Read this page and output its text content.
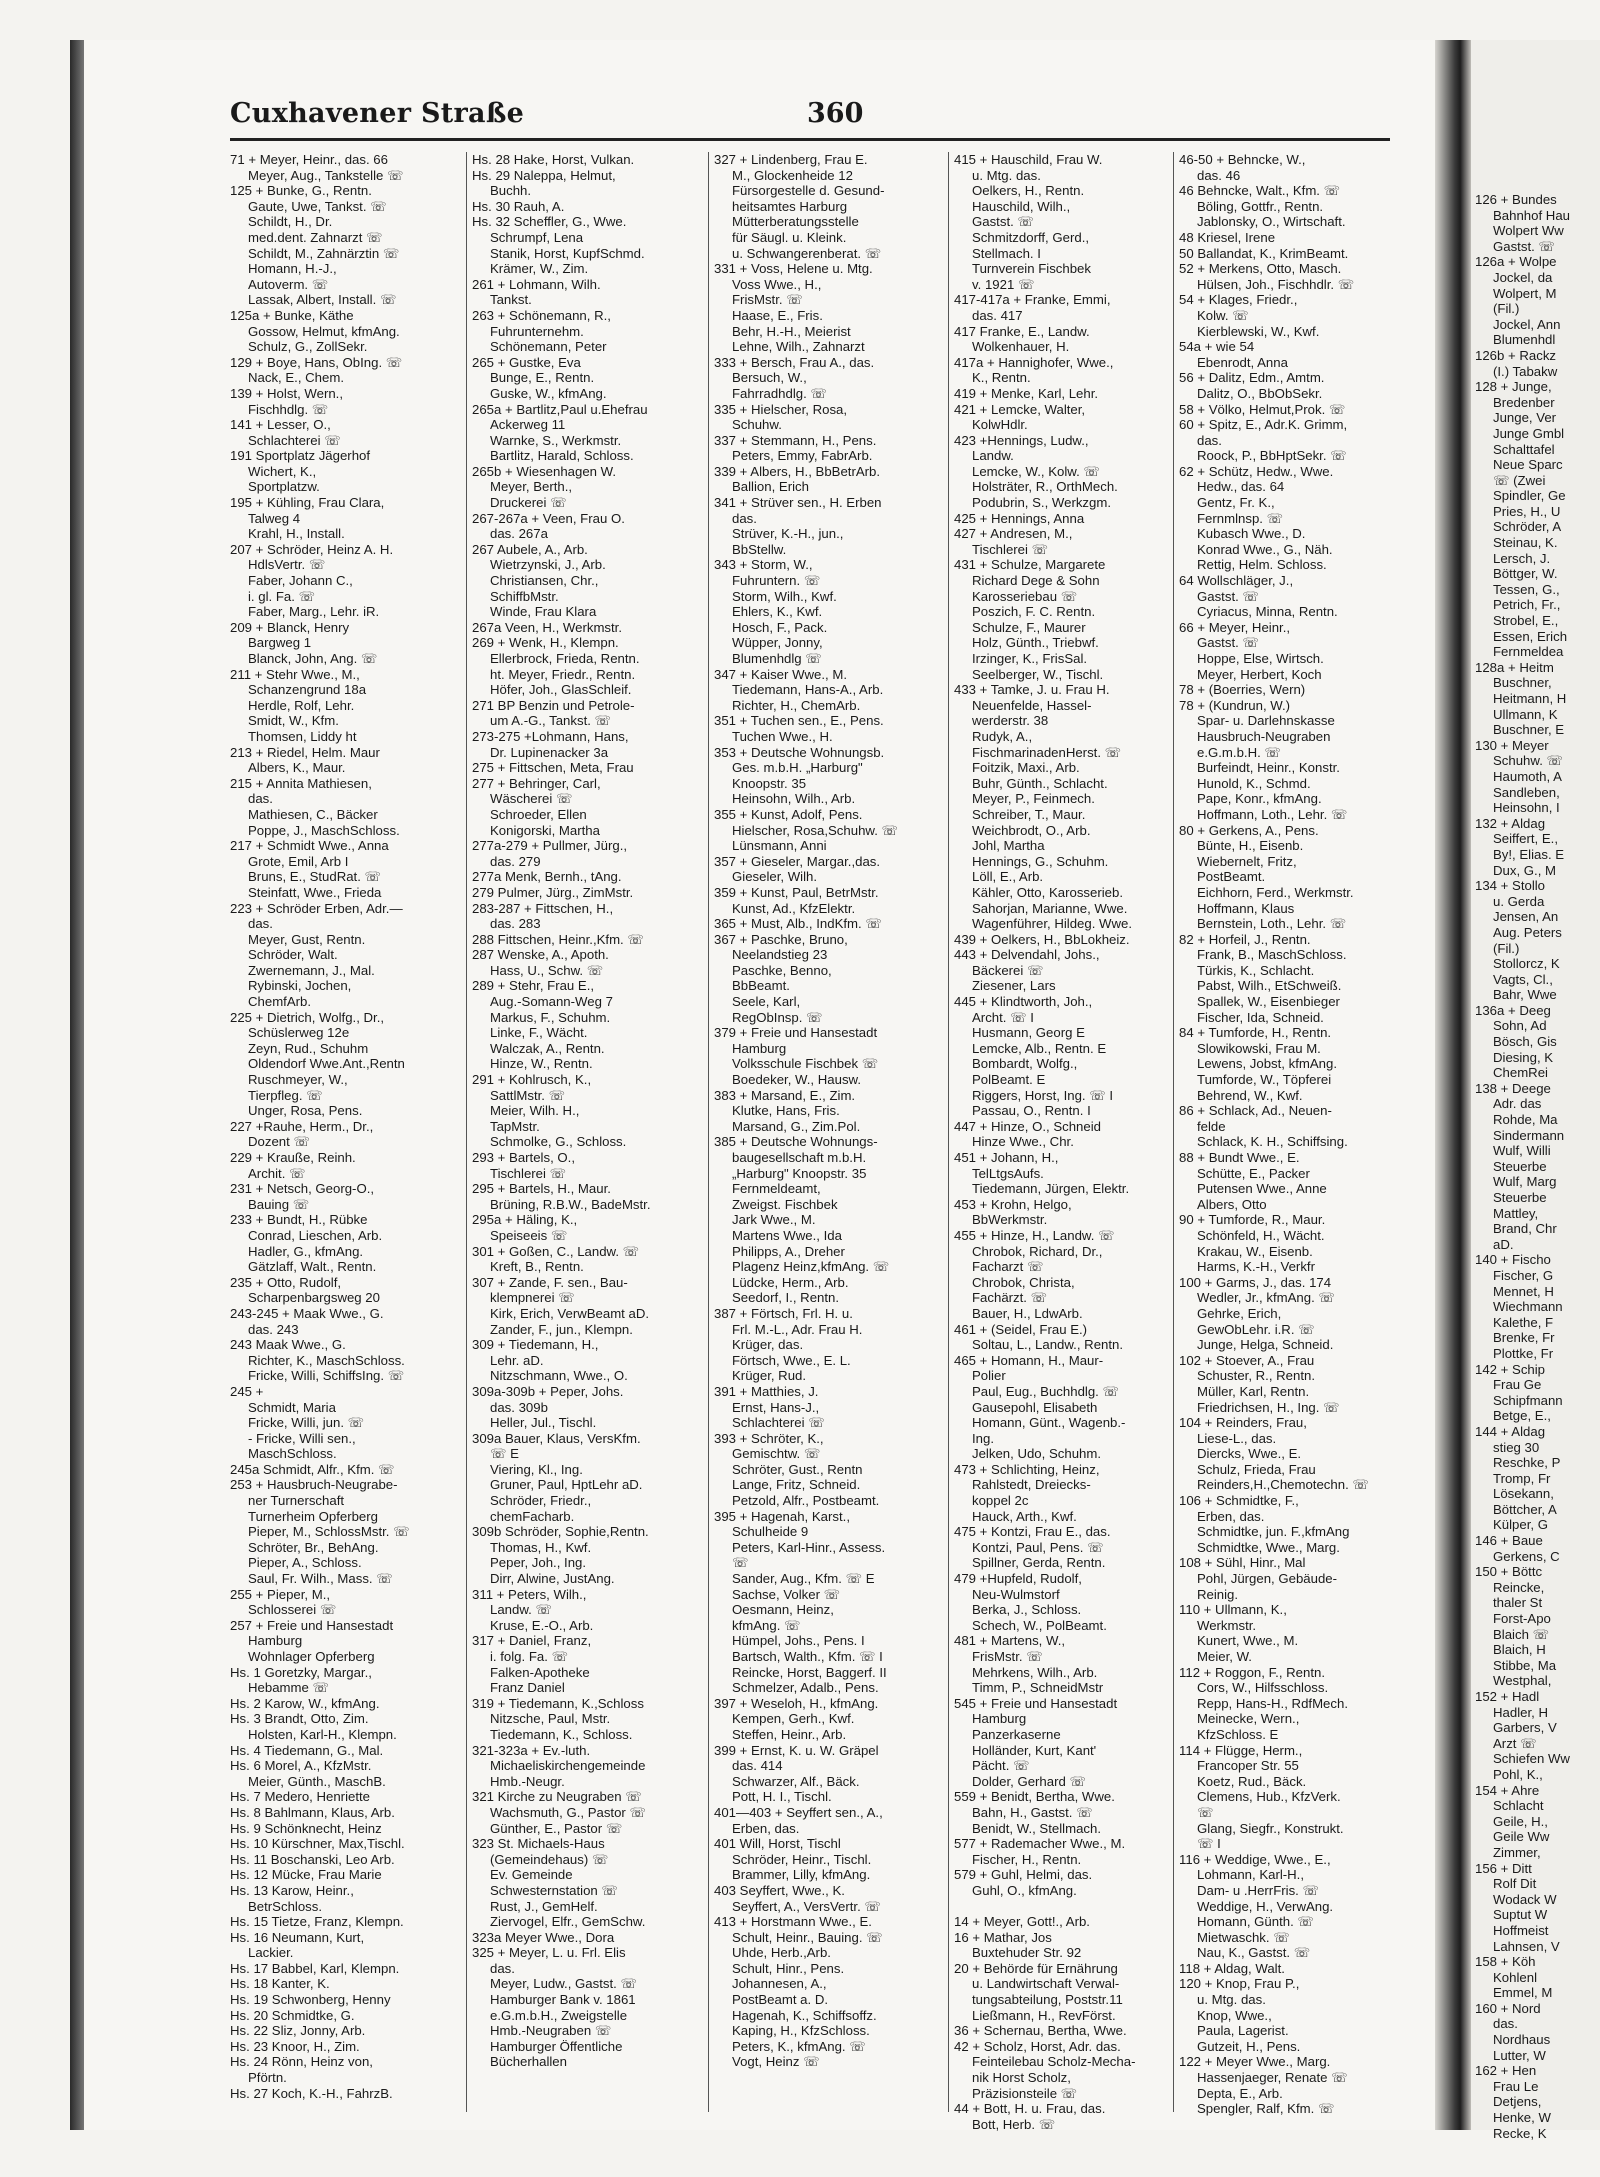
126 + Bundes
Bahnhof Hau
Wolpert Ww
Gastst. ☏
126a + Wolpe
Jockel, da
Wolpert, M
(Fil.)
Jockel, Ann
Blumenhdl
126b + Rackz
(I.) Tabakw
128 + Junge,
Bredenber
Junge, Ver
Junge Gmbl
Schalttafel
Neue Sparc
☏ (Zwei
Spindler, Ge
Pries, H., U
Schröder, A
Steinau, K.
Lersch, J.
Böttger, W.
Tessen, G.,
Petrich, Fr.,
Strobel, E.,
Essen, Erich
Fernmeldea
128a + Heitm
Buschner,
Heitmann, H
Ullmann, K
Buschner, E
130 + Meyer
Schuhw. ☏
Haumoth, A
Sandleben,
Heinsohn, I
132 + Aldag
Seiffert, E.,
By!, Elias. E
Dux, G., M
134 + Stollo
u. Gerda
Jensen, An
Aug. Peters
(Fil.)
Stollorcz, K
Vagts, Cl.,
Bahr, Wwe
136a + Deeg
Sohn, Ad
Bösch, Gis
Diesing, K
ChemRei
138 + Deege
Adr. das
Rohde, Ma
Sindermann
Wulf, Willi
Steuerbe
Wulf, Marg
Steuerbe
Mattley,
Brand, Chr
aD.
140 + Fischo
Fischer, G
Mennet, H
Wiechmann
Kalethe, F
Brenke, Fr
Plottke, Fr
142 + Schip
Frau Ge
Schipfmann
Betge, E.,
144 + Aldag
stieg 30
Reschke, P
Tromp, Fr
Lösekann,
Böttcher, A
Külper, G
146 + Baue
Gerkens, C
150 + Böttc
Reincke,
thaler St
Forst-Apo
Blaich ☏
Blaich, H
Stibbe, Ma
Westphal,
152 + Hadl
Hadler, H
Garbers, V
Arzt ☏
Schiefen Ww
Pohl, K.,
154 + Ahre
Schlacht
Geile, H.,
Geile Ww
Zimmer,
156 + Ditt
Rolf Dit
Wodack W
Suptut W
Hoffmeist
Lahnsen, V
158 + Köh
Kohlenl
Emmel, M
160 + Nord
das.
Nordhaus
Lutter, W
162 + Hen
Frau Le
Detjens,
Henke, W
Recke, K
Cuxhavener Straße	360
71 + Meyer, Heinr., das. 66
Meyer, Aug., Tankstelle ☏
125 + Bunke, G., Rentn.
Gaute, Uwe, Tankst. ☏
Schildt, H., Dr.
med.dent. Zahnarzt ☏
Schildt, M., Zahnärztin ☏
Homann, H.-J.,
Autoverm. ☏
Lassak, Albert, Install. ☏
125a + Bunke, Käthe
Gossow, Helmut, kfmAng.
Schulz, G., ZollSekr.
129 + Boye, Hans, ObIng. ☏
Nack, E., Chem.
139 + Holst, Wern.,
Fischhdlg. ☏
141 + Lesser, O.,
Schlachterei ☏
191 Sportplatz Jägerhof
Wichert, K.,
Sportplatzw.
195 + Kühling, Frau Clara,
Talweg 4
Krahl, H., Install.
207 + Schröder, Heinz A. H.
HdlsVertr. ☏
Faber, Johann C.,
i. gl. Fa. ☏
Faber, Marg., Lehr. iR.
209 + Blanck, Henry
Bargweg 1
Blanck, John, Ang. ☏
211 + Stehr Wwe., M.,
Schanzengrund 18a
Herdle, Rolf, Lehr.
Smidt, W., Kfm.
Thomsen, Liddy ht
213 + Riedel, Helm. Maur
Albers, K., Maur.
215 + Annita Mathiesen,
das.
Mathiesen, C., Bäcker
Poppe, J., MaschSchloss.
217 + Schmidt Wwe., Anna
Grote, Emil, Arb I
Bruns, E., StudRat. ☏
Steinfatt, Wwe., Frieda
223 + Schröder Erben, Adr.—
das.
Meyer, Gust, Rentn.
Schröder, Walt.
Zwernemann, J., Mal.
Rybinski, Jochen,
ChemfArb.
225 + Dietrich, Wolfg., Dr.,
Schüslerweg 12e
Zeyn, Rud., Schuhm
Oldendorf Wwe.Ant.,Rentn
Ruschmeyer, W.,
Tierpfleg. ☏
Unger, Rosa, Pens.
227 +Rauhe, Herm., Dr.,
Dozent ☏
229 + Krauße, Reinh.
Archit. ☏
231 + Netsch, Georg-O.,
Bauing ☏
233 + Bundt, H., Rübke
Conrad, Lieschen, Arb.
Hadler, G., kfmAng.
Gätzlaff, Walt., Rentn.
235 + Otto, Rudolf,
Scharpenbargsweg 20
243-245 + Maak Wwe., G.
das. 243
243 Maak Wwe., G.
Richter, K., MaschSchloss.
Fricke, Willi, SchiffsIng. ☏
245 +
Schmidt, Maria
Fricke, Willi, jun. ☏
- Fricke, Willi sen.,
MaschSchloss.
245a Schmidt, Alfr., Kfm. ☏
253 + Hausbruch-Neugrabe-
ner Turnerschaft
Turnerheim Opferberg
Pieper, M., SchlossMstr. ☏
Schröter, Br., BehAng.
Pieper, A., Schloss.
Saul, Fr. Wilh., Mass. ☏
255 + Pieper, M.,
Schlosserei ☏
257 + Freie und Hansestadt
Hamburg
Wohnlager Opferberg
Hs. 1 Goretzky, Margar.,
Hebamme ☏
Hs. 2 Karow, W., kfmAng.
Hs. 3 Brandt, Otto, Zim.
Holsten, Karl-H., Klempn.
Hs. 4 Tiedemann, G., Mal.
Hs. 6 Morel, A., KfzMstr.
Meier, Günth., MaschB.
Hs. 7 Medero, Henriette
Hs. 8 Bahlmann, Klaus, Arb.
Hs. 9 Schönknecht, Heinz
Hs. 10 Kürschner, Max,Tischl.
Hs. 11 Boschanski, Leo Arb.
Hs. 12 Mücke, Frau Marie
Hs. 13 Karow, Heinr.,
BetrSchloss.
Hs. 15 Tietze, Franz, Klempn.
Hs. 16 Neumann, Kurt,
Lackier.
Hs. 17 Babbel, Karl, Klempn.
Hs. 18 Kanter, K.
Hs. 19 Schwonberg, Henny
Hs. 20 Schmidtke, G.
Hs. 22 Sliz, Jonny, Arb.
Hs. 23 Knoor, H., Zim.
Hs. 24 Rönn, Heinz von,
Pförtn.
Hs. 27 Koch, K.-H., FahrzB.
Hs. 28 Hake, Horst, Vulkan.
Hs. 29 Naleppa, Helmut,
Buchh.
Hs. 30 Rauh, A.
Hs. 32 Scheffler, G., Wwe.
Schrumpf, Lena
Stanik, Horst, KupfSchmd.
Krämer, W., Zim.
261 + Lohmann, Wilh.
Tankst.
263 + Schönemann, R.,
Fuhrunternehm.
Schönemann, Peter
265 + Gustke, Eva
Bunge, E., Rentn.
Guske, W., kfmAng.
265a + Bartlitz,Paul u.Ehefrau
Ackerweg 11
Warnke, S., Werkmstr.
Bartlitz, Harald, Schloss.
265b + Wiesenhagen W.
Meyer, Berth.,
Druckerei ☏
267-267a + Veen, Frau O.
das. 267a
267 Aubele, A., Arb.
Wietrzynski, J., Arb.
Christiansen, Chr.,
SchiffbMstr.
Winde, Frau Klara
267a Veen, H., Werkmstr.
269 + Wenk, H., Klempn.
Ellerbrock, Frieda, Rentn.
ht. Meyer, Friedr., Rentn.
Höfer, Joh., GlasSchleif.
271 BP Benzin und Petrole-
um A.-G., Tankst. ☏
273-275 +Lohmann, Hans,
Dr. Lupinenacker 3a
275 + Fittschen, Meta, Frau
277 + Behringer, Carl,
Wäscherei ☏
Schroeder, Ellen
Konigorski, Martha
277a-279 + Pullmer, Jürg.,
das. 279
277a Menk, Bernh., tAng.
279 Pulmer, Jürg., ZimMstr.
283-287 + Fittschen, H.,
das. 283
288 Fittschen, Heinr.,Kfm. ☏
287 Wenske, A., Apoth.
Hass, U., Schw. ☏
289 + Stehr, Frau E.,
Aug.-Somann-Weg 7
Markus, F., Schuhm.
Linke, F., Wächt.
Walczak, A., Rentn.
Hinze, W., Rentn.
291 + Kohlrusch, K.,
SattlMstr. ☏
Meier, Wilh. H.,
TapMstr.
Schmolke, G., Schloss.
293 + Bartels, O.,
Tischlerei ☏
295 + Bartels, H., Maur.
Brüning, R.B.W., BadeMstr.
295a + Häling, K.,
Speiseeis ☏
301 + Goßen, C., Landw. ☏
Kreft, B., Rentn.
307 + Zande, F. sen., Bau-
klempnerei ☏
Kirk, Erich, VerwBeamt aD.
Zander, F., jun., Klempn.
309 + Tiedemann, H.,
Lehr. aD.
Nitzschmann, Wwe., O.
309a-309b + Peper, Johs.
das. 309b
Heller, Jul., Tischl.
309a Bauer, Klaus, VersKfm.
☏ E
Viering, Kl., Ing.
Gruner, Paul, HptLehr aD.
Schröder, Friedr.,
chemFacharb.
309b Schröder, Sophie,Rentn.
Thomas, H., Kwf.
Peper, Joh., Ing.
Dirr, Alwine, JustAng.
311 + Peters, Wilh.,
Landw. ☏
Kruse, E.-O., Arb.
317 + Daniel, Franz,
i. folg. Fa. ☏
Falken-Apotheke
Franz Daniel
319 + Tiedemann, K.,Schloss
Nitzsche, Paul, Mstr.
Tiedemann, K., Schloss.
321-323a + Ev.-luth.
Michaeliskirchengemeinde
Hmb.-Neugr.
321 Kirche zu Neugraben ☏
Wachsmuth, G., Pastor ☏
Günther, E., Pastor ☏
323 St. Michaels-Haus
(Gemeindehaus) ☏
Ev. Gemeinde
Schwesternstation ☏
Rust, J., GemHelf.
Ziervogel, Elfr., GemSchw.
323a Meyer Wwe., Dora
325 + Meyer, L. u. Frl. Elis
das.
Meyer, Ludw., Gastst. ☏
Hamburger Bank v. 1861
e.G.m.b.H., Zweigstelle
Hmb.-Neugraben ☏
Hamburger Öffentliche
Bücherhallen
327 + Lindenberg, Frau E.
M., Glockenheide 12
Fürsorgestelle d. Gesund-
heitsamtes Harburg
Mütterberatungsstelle
für Säugl. u. Kleink.
u. Schwangerenberat. ☏
331 + Voss, Helene u. Mtg.
Voss Wwe., H.,
FrisMstr. ☏
Haase, E., Fris.
Behr, H.-H., Meierist
Lehne, Wilh., Zahnarzt
333 + Bersch, Frau A., das.
Bersuch, W.,
Fahrradhdlg. ☏
335 + Hielscher, Rosa,
Schuhw.
337 + Stemmann, H., Pens.
Peters, Emmy, FabrArb.
339 + Albers, H., BbBetrArb.
Ballion, Erich
341 + Strüver sen., H. Erben
das.
Strüver, K.-H., jun.,
BbStellw.
343 + Storm, W.,
Fuhruntern. ☏
Storm, Wilh., Kwf.
Ehlers, K., Kwf.
Hosch, F., Pack.
Wüpper, Jonny,
Blumenhdlg ☏
347 + Kaiser Wwe., M.
Tiedemann, Hans-A., Arb.
Richter, H., ChemArb.
351 + Tuchen sen., E., Pens.
Tuchen Wwe., H.
353 + Deutsche Wohnungsb.
Ges. m.b.H. „Harburg"
Knoopstr. 35
Heinsohn, Wilh., Arb.
355 + Kunst, Adolf, Pens.
Hielscher, Rosa,Schuhw. ☏
Lünsmann, Anni
357 + Gieseler, Margar.,das.
Gieseler, Wilh.
359 + Kunst, Paul, BetrMstr.
Kunst, Ad., KfzElektr.
365 + Must, Alb., IndKfm. ☏
367 + Paschke, Bruno,
Neelandstieg 23
Paschke, Benno,
BbBeamt.
Seele, Karl,
RegObInsp. ☏
379 + Freie und Hansestadt
Hamburg
Volksschule Fischbek ☏
Boedeker, W., Hausw.
383 + Marsand, E., Zim.
Klutke, Hans, Fris.
Marsand, G., Zim.Pol.
385 + Deutsche Wohnungs-
baugesellschaft m.b.H.
„Harburg" Knoopstr. 35
Fernmeldeamt,
Zweigst. Fischbek
Jark Wwe., M.
Martens Wwe., Ida
Philipps, A., Dreher
Plagenz Heinz,kfmAng. ☏
Lüdcke, Herm., Arb.
Seedorf, I., Rentn.
387 + Förtsch, Frl. H. u.
Frl. M.-L., Adr. Frau H.
Krüger, das.
Förtsch, Wwe., E. L.
Krüger, Rud.
391 + Matthies, J.
Ernst, Hans-J.,
Schlachterei ☏
393 + Schröter, K.,
Gemischtw. ☏
Schröter, Gust., Rentn
Lange, Fritz, Schneid.
Petzold, Alfr., Postbeamt.
395 + Hagenah, Karst.,
Schulheide 9
Peters, Karl-Hinr., Assess.
☏
Sander, Aug., Kfm. ☏ E
Sachse, Volker ☏
Oesmann, Heinz,
kfmAng. ☏
Hümpel, Johs., Pens. I
Bartsch, Walth., Kfm. ☏ I
Reincke, Horst, Baggerf. II
Schmelzer, Adalb., Pens.
397 + Weseloh, H., kfmAng.
Kempen, Gerh., Kwf.
Steffen, Heinr., Arb.
399 + Ernst, K. u. W. Gräpel
das. 414
Schwarzer, Alf., Bäck.
Pott, H. I., Tischl.
401—403 + Seyffert sen., A.,
Erben, das.
401 Will, Horst, Tischl
Schröder, Heinr., Tischl.
Brammer, Lilly, kfmAng.
403 Seyffert, Wwe., K.
Seyffert, A., VersVertr. ☏
413 + Horstmann Wwe., E.
Schult, Heinr., Bauing. ☏
Uhde, Herb.,Arb.
Schult, Hinr., Pens.
Johannesen, A.,
PostBeamt a. D.
Hagenah, K., Schiffsoffz.
Kaping, H., KfzSchloss.
Peters, K., kfmAng. ☏
Vogt, Heinz ☏
415 + Hauschild, Frau W.
u. Mtg. das.
Oelkers, H., Rentn.
Hauschild, Wilh.,
Gastst. ☏
Schmitzdorff, Gerd.,
Stellmach. I
Turnverein Fischbek
v. 1921 ☏
417-417a + Franke, Emmi,
das. 417
417 Franke, E., Landw.
Wolkenhauer, H.
417a + Hannighofer, Wwe.,
K., Rentn.
419 + Menke, Karl, Lehr.
421 + Lemcke, Walter,
KolwHdlr.
423 +Hennings, Ludw.,
Landw.
Lemcke, W., Kolw. ☏
Holsträter, R., OrthMech.
Podubrin, S., Werkzgm.
425 + Hennings, Anna
427 + Andresen, M.,
Tischlerei ☏
431 + Schulze, Margarete
Richard Dege & Sohn
Karosseriebau ☏
Poszich, F. C. Rentn.
Schulze, F., Maurer
Holz, Günth., Triebwf.
Irzinger, K., FrisSal.
Seelberger, W., Tischl.
433 + Tamke, J. u. Frau H.
Neuenfelde, Hassel-
werderstr. 38
Rudyk, A.,
FischmarinadenHerst. ☏
Foitzik, Maxi., Arb.
Buhr, Günth., Schlacht.
Meyer, P., Feinmech.
Schreiber, T., Maur.
Weichbrodt, O., Arb.
Johl, Martha
Hennings, G., Schuhm.
Löll, E., Arb.
Kähler, Otto, Karosserieb.
Sahorjan, Marianne, Wwe.
Wagenführer, Hildeg. Wwe.
439 + Oelkers, H., BbLokheiz.
443 + Delvendahl, Johs.,
Bäckerei ☏
Ziesener, Lars
445 + Klindtworth, Joh.,
Archt. ☏ I
Husmann, Georg E
Lemcke, Alb., Rentn. E
Bombardt, Wolfg.,
PolBeamt. E
Riggers, Horst, Ing. ☏ I
Passau, O., Rentn. I
447 + Hinze, O., Schneid
Hinze Wwe., Chr.
451 + Johann, H.,
TelLtgsAufs.
Tiedemann, Jürgen, Elektr.
453 + Krohn, Helgo,
BbWerkmstr.
455 + Hinze, H., Landw. ☏
Chrobok, Richard, Dr.,
Facharzt ☏
Chrobok, Christa,
Fachärzt. ☏
Bauer, H., LdwArb.
461 + (Seidel, Frau E.)
Soltau, L., Landw., Rentn.
465 + Homann, H., Maur-
Polier
Paul, Eug., Buchhdlg. ☏
Gausepohl, Elisabeth
Homann, Günt., Wagenb.-
Ing.
Jelken, Udo, Schuhm.
473 + Schlichting, Heinz,
Rahlstedt, Dreiecks-
koppel 2c
Hauck, Arth., Kwf.
475 + Kontzi, Frau E., das.
Kontzi, Paul, Pens. ☏
Spillner, Gerda, Rentn.
479 +Hupfeld, Rudolf,
Neu-Wulmstorf
Berka, J., Schloss.
Schech, W., PolBeamt.
481 + Martens, W.,
FrisMstr. ☏
Mehrkens, Wilh., Arb.
Timm, P., SchneidMstr
545 + Freie und Hansestadt
Hamburg
Panzerkaserne
Holländer, Kurt, Kant'
Pächt. ☏
Dolder, Gerhard ☏
559 + Benidt, Bertha, Wwe.
Bahn, H., Gastst. ☏
Benidt, W., Stellmach.
577 + Rademacher Wwe., M.
Fischer, H., Rentn.
579 + Guhl, Helmi, das.
Guhl, O., kfmAng.
14 + Meyer, Gott!., Arb.
16 + Mathar, Jos
Buxtehuder Str. 92
20 + Behörde für Ernährung
u. Landwirtschaft Verwal-
tungsabteilung, Poststr.11
Ließmann, H., RevFörst.
36 + Schernau, Bertha, Wwe.
42 + Scholz, Horst, Adr. das.
Feinteilebau Scholz-Mecha-
nik Horst Scholz,
Präzisionsteile ☏
44 + Bott, H. u. Frau, das.
Bott, Herb. ☏
46-50 + Behncke, W.,
das. 46
46 Behncke, Walt., Kfm. ☏
Böling, Gottfr., Rentn.
Jablonsky, O., Wirtschaft.
48 Kriesel, Irene
50 Ballandat, K., KrimBeamt.
52 + Merkens, Otto, Masch.
Hülsen, Joh., Fischhdlr. ☏
54 + Klages, Friedr.,
Kolw. ☏
Kierblewski, W., Kwf.
54a + wie 54
Ebenrodt, Anna
56 + Dalitz, Edm., Amtm.
Dalitz, O., BbObSekr.
58 + Völko, Helmut,Prok. ☏
60 + Spitz, E., Adr.K. Grimm,
das.
Roock, P., BbHptSekr. ☏
62 + Schütz, Hedw., Wwe.
Hedw., das. 64
Gentz, Fr. K.,
Fernmlnsp. ☏
Kubasch Wwe., D.
Konrad Wwe., G., Näh.
Rettig, Helm. Schloss.
64 Wollschläger, J.,
Gastst. ☏
Cyriacus, Minna, Rentn.
66 + Meyer, Heinr.,
Gastst. ☏
Hoppe, Else, Wirtsch.
Meyer, Herbert, Koch
78 + (Boerries, Wern)
78 + (Kundrun, W.)
Spar- u. Darlehnskasse
Hausbruch-Neugraben
e.G.m.b.H. ☏
Burfeindt, Heinr., Konstr.
Hunold, K., Schmd.
Pape, Konr., kfmAng.
Hoffmann, Loth., Lehr. ☏
80 + Gerkens, A., Pens.
Bünte, H., Eisenb.
Wiebernelt, Fritz,
PostBeamt.
Eichhorn, Ferd., Werkmstr.
Hoffmann, Klaus
Bernstein, Loth., Lehr. ☏
82 + Horfeil, J., Rentn.
Frank, B., MaschSchloss.
Türkis, K., Schlacht.
Pabst, Wilh., EtSchweiß.
Spallek, W., Eisenbieger
Fischer, Ida, Schneid.
84 + Tumforde, H., Rentn.
Slowikowski, Frau M.
Lewens, Jobst, kfmAng.
Tumforde, W., Töpferei
Behrend, W., Kwf.
86 + Schlack, Ad., Neuen-
felde
Schlack, K. H., Schiffsing.
88 + Bundt Wwe., E.
Schütte, E., Packer
Putensen Wwe., Anne
Albers, Otto
90 + Tumforde, R., Maur.
Schönfeld, H., Wächt.
Krakau, W., Eisenb.
Harms, K.-H., Verkfr
100 + Garms, J., das. 174
Wedler, Jr., kfmAng. ☏
Gehrke, Erich,
GewObLehr. i.R. ☏
Junge, Helga, Schneid.
102 + Stoever, A., Frau
Schuster, R., Rentn.
Müller, Karl, Rentn.
Friedrichsen, H., Ing. ☏
104 + Reinders, Frau,
Liese-L., das.
Diercks, Wwe., E.
Schulz, Frieda, Frau
Reinders,H.,Chemotechn. ☏
106 + Schmidtke, F.,
Erben, das.
Schmidtke, jun. F.,kfmAng
Schmidtke, Wwe., Marg.
108 + Sühl, Hinr., Mal
Pohl, Jürgen, Gebäude-
Reinig.
110 + Ullmann, K.,
Werkmstr.
Kunert, Wwe., M.
Meier, W.
112 + Roggon, F., Rentn.
Cors, W., Hilfsschloss.
Repp, Hans-H., RdfMech.
Meinecke, Wern.,
KfzSchloss. E
114 + Flügge, Herm.,
Francoper Str. 55
Koetz, Rud., Bäck.
Clemens, Hub., KfzVerk.
☏
Glang, Siegfr., Konstrukt.
☏ I
116 + Weddige, Wwe., E.,
Lohmann, Karl-H.,
Dam- u .HerrFris. ☏
Weddige, H., VerwAng.
Homann, Günth. ☏
Mietwaschk. ☏
Nau, K., Gastst. ☏
118 + Aldag, Walt.
120 + Knop, Frau P.,
u. Mtg. das.
Knop, Wwe.,
Paula, Lagerist.
Gutzeit, H., Pens.
122 + Meyer Wwe., Marg.
Hassenjaeger, Renate ☏
Depta, E., Arb.
Spengler, Ralf, Kfm. ☏
